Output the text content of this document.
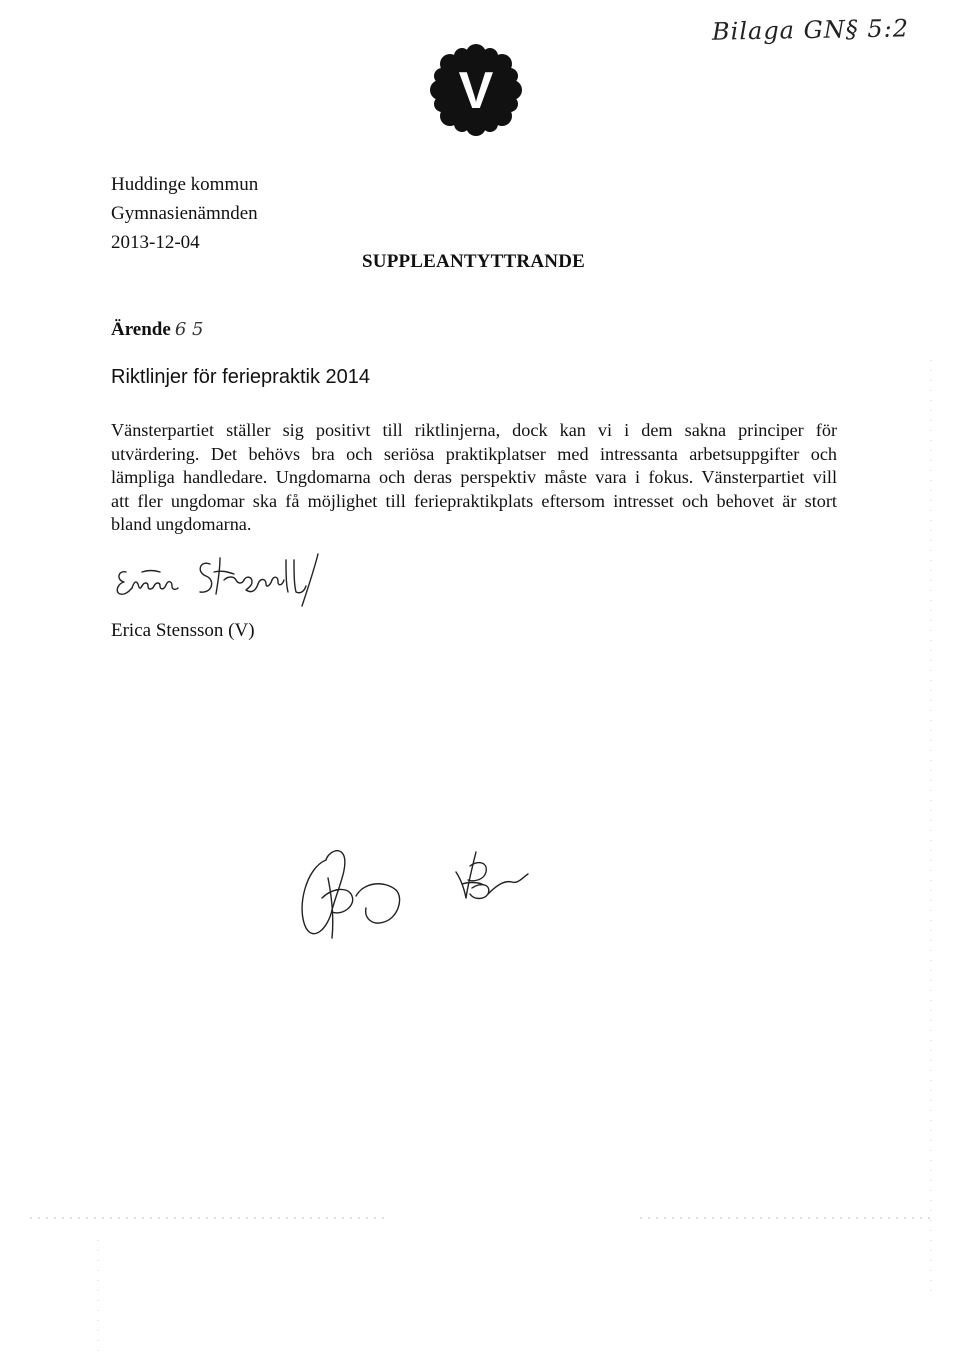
Bilaga GN§ 5:2
V
Huddinge kommun
Gymnasienämnden
2013-12-04
SUPPLEANTYTTRANDE
Ärende 6 5
Riktlinjer för feriepraktik 2014
Vänsterpartiet ställer sig positivt till riktlinjerna, dock kan vi i dem sakna principer för
utvärdering. Det behövs bra och seriösa praktikplatser med intressanta arbetsuppgifter och
lämpliga handledare. Ungdomarna och deras perspektiv måste vara i fokus. Vänsterpartiet vill
att fler ungdomar ska få möjlighet till feriepraktikplats eftersom intresset och behovet är stort
bland ungdomarna.
Erica Stensson (V)
